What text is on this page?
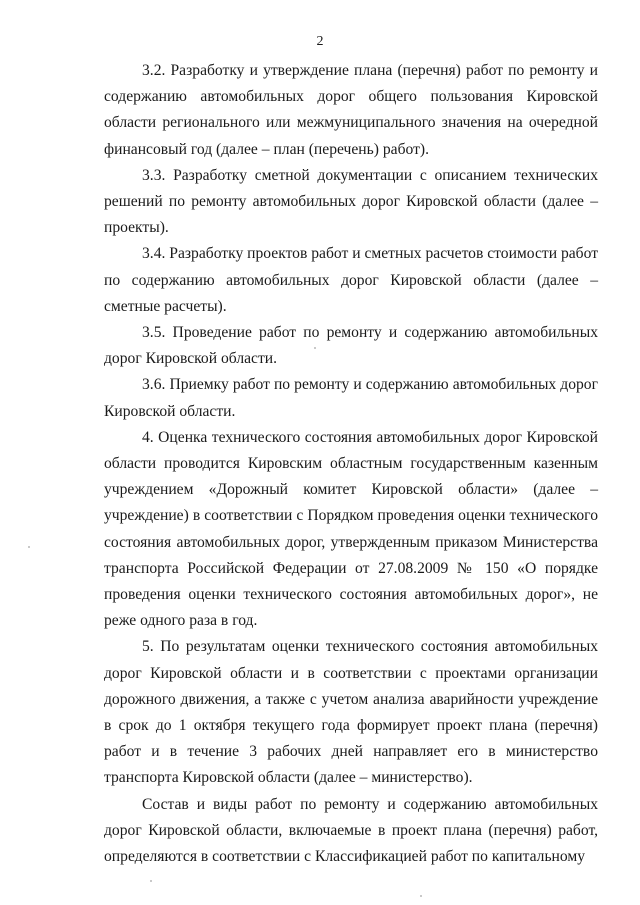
2

3.2. Разработку и утверждение плана (перечня) работ по ремонту и содержанию автомобильных дорог общего пользования Кировской области регионального или межмуниципального значения на очередной финансовый год (далее – план (перечень) работ).

3.3. Разработку сметной документации с описанием технических решений по ремонту автомобильных дорог Кировской области (далее – проекты).

3.4. Разработку проектов работ и сметных расчетов стоимости работ по содержанию автомобильных дорог Кировской области (далее – сметные расчеты).

3.5. Проведение работ по ремонту и содержанию автомобильных дорог Кировской области.

3.6. Приемку работ по ремонту и содержанию автомобильных дорог Кировской области.

4. Оценка технического состояния автомобильных дорог Кировской области проводится Кировским областным государственным казенным учреждением «Дорожный комитет Кировской области» (далее – учреждение) в соответствии с Порядком проведения оценки технического состояния автомобильных дорог, утвержденным приказом Министерства транспорта Российской Федерации от 27.08.2009 № 150 «О порядке проведения оценки технического состояния автомобильных дорог», не реже одного раза в год.

5. По результатам оценки технического состояния автомобильных дорог Кировской области и в соответствии с проектами организации дорожного движения, а также с учетом анализа аварийности учреждение в срок до 1 октября текущего года формирует проект плана (перечня) работ и в течение 3 рабочих дней направляет его в министерство транспорта Кировской области (далее – министерство).

Состав и виды работ по ремонту и содержанию автомобильных дорог Кировской области, включаемые в проект плана (перечня) работ, определяются в соответствии с Классификацией работ по капитальному
